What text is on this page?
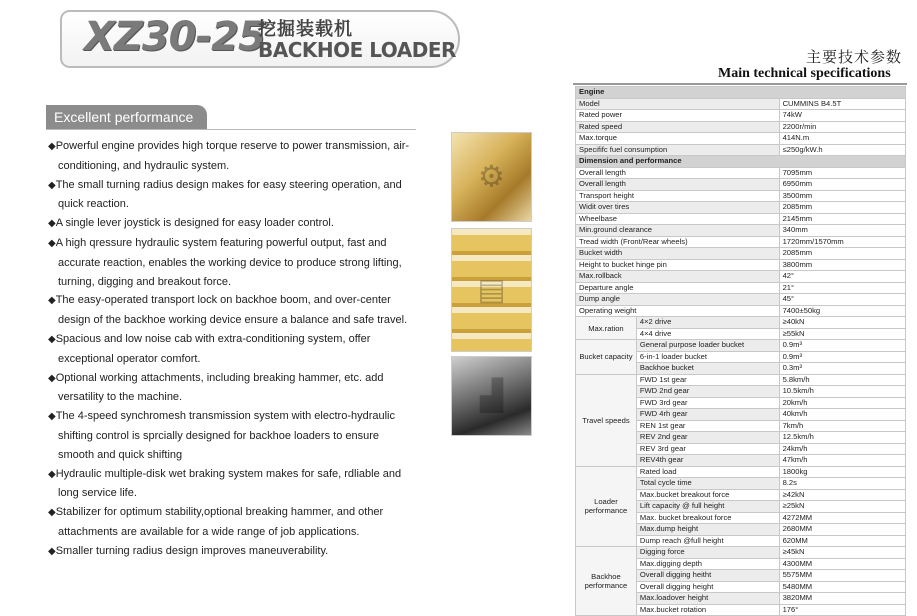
XZ30-25
挖掘装载机
BACKHOE LOADER
Excellent performance
◆ Powerful engine provides high torque reserve to power transmission, air-conditioning, and hydraulic system.
◆ The small turning radius design makes for easy steering operation, and quick reaction.
◆ A single lever joystick is designed for easy loader control.
◆ A high qressure hydraulic system featuring powerful output, fast and accurate reaction, enables the working device to produce strong lifting, turning, digging and breakout force.
◆ The easy-operated transport lock on backhoe boom, and over-center design of the backhoe working device ensure a balance and safe travel.
◆ Spacious and low noise cab with extra-conditioning system, offer exceptional operator comfort.
◆ Optional working attachments, including breaking hammer, etc. add versatility to the machine.
◆ The 4-speed synchromesh transmission system with electro-hydraulic shifting control is sprcially designed for backhoe loaders to ensure smooth and quick shifting
◆ Hydraulic multiple-disk wet braking system makes for safe, rdliable and long service life.
◆ Stabilizer for optimum stability,optional breaking hammer, and other attachments are available for a wide range of job applications.
◆ Smaller turning radius design improves maneuverability.
⚙
▤
▟
主要技术参数
Main technical specifications
Engine		
Model		CUMMINS B4.5T
Rated power		74kW
Rated speed		2200r/min
Max.torque		414N.m
Specififc fuel consumption		≤250g/kW.h
Dimension and performance		
Overall length		7095mm
Overall length		6950mm
Transport height		3500mm
Widit over tires		2085mm
Wheelbase		2145mm
Min.ground clearance		340mm
Tread width (Front/Rear wheels)		1720mm/1570mm
Bucket width		2085mm
Height to bucket hinge pin		3800mm
Max.rollback		42°
Departure angle		21°
Dump angle		45°
Operating weight		7400±50kg
Max.ration	4×2 drive	≥40kN
	4×4 drive	≥55kN
Bucket capacity	General purpose loader bucket	0.9m³
	6-in-1 loader bucket	0.9m³
	Backhoe bucket	0.3m³
Travel speeds	FWD 1st gear	5.8km/h
	FWD 2nd gear	10.5km/h
	FWD 3rd gear	20km/h
	FWD 4rh gear	40km/h
	REN 1st gear	7km/h
	REV 2nd gear	12.5km/h
	REV 3rd gear	24km/h
	REV4th gear	47km/h
Loader performance	Rated load	1800kg
	Total cycle time	8.2s
	Max.bucket breakout force	≥42kN
	Lift capacity @ full height	≥25kN
	Max. bucket breakout force	4272MM
	Max.dump height	2680MM
	Dump reach @full height	620MM
Backhoe performance	Digging force	≥45kN
	Max.digging depth	4300MM
	Overall digging heitht	5575MM
	Overall digging height	5480MM
	Max.loadover height	3820MM
	Max.bucket rotation	176°
